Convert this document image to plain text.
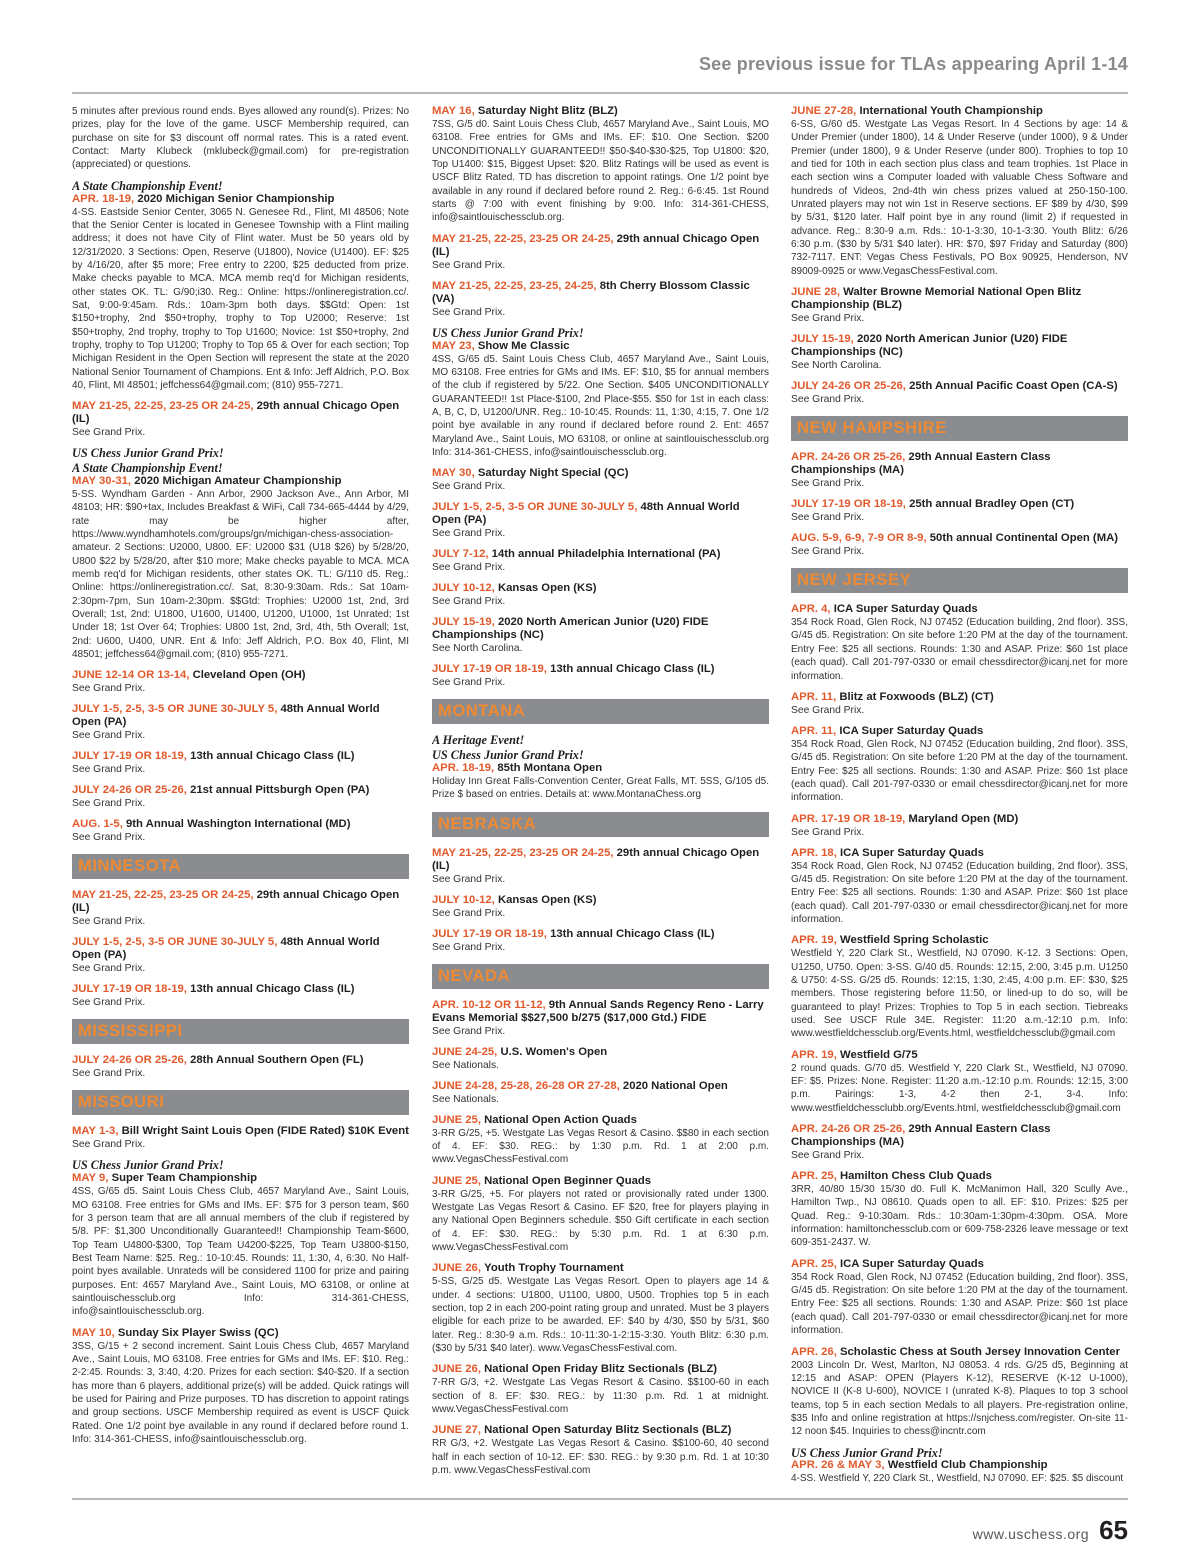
See previous issue for TLAs appearing April 1-14
5 minutes after previous round ends. Byes allowed any round(s). Prizes: No prizes, play for the love of the game. USCF Membership required, can purchase on site for $3 discount off normal rates. This is a rated event. Contact: Marty Klubeck (mklubeck@gmail.com) for pre-registration (appreciated) or questions.
A State Championship Event!
APR. 18-19, 2020 Michigan Senior Championship
4-SS. Eastside Senior Center, 3065 N. Genesee Rd., Flint, MI 48506; Note that the Senior Center is located in Genesee Township with a Flint mailing address; it does not have City of Flint water. Must be 50 years old by 12/31/2020. 3 Sections: Open, Reserve (U1800), Novice (U1400). EF: $25 by 4/16/20, after $5 more; Free entry to 2200, $25 deducted from prize. Make checks payable to MCA. MCA memb req'd for Michigan residents, other states OK. TL: G/90;i30. Reg.: Online: https://onlineregistration.cc/. Sat, 9:00-9:45am. Rds.: 10am-3pm both days. $$Gtd: Open: 1st $150+trophy, 2nd $50+trophy, trophy to Top U2000; Reserve: 1st $50+trophy, 2nd trophy, trophy to Top U1600; Novice: 1st $50+trophy, 2nd trophy, trophy to Top U1200; Trophy to Top 65 & Over for each section; Top Michigan Resident in the Open Section will represent the state at the 2020 National Senior Tournament of Champions. Ent & Info: Jeff Aldrich, P.O. Box 40, Flint, MI 48501; jeffchess64@gmail.com; (810) 955-7271.
MAY 21-25, 22-25, 23-25 OR 24-25, 29th annual Chicago Open (IL)
See Grand Prix.
US Chess Junior Grand Prix!
A State Championship Event!
MAY 30-31, 2020 Michigan Amateur Championship
5-SS. Wyndham Garden - Ann Arbor, 2900 Jackson Ave., Ann Arbor, MI 48103; HR: $90+tax, Includes Breakfast & WiFi, Call 734-665-4444 by 4/29, rate may be higher after, https://www.wyndhamhotels.com/groups/gn/michigan-chess-association-amateur. 2 Sections: U2000, U800. EF: U2000 $31 (U18 $26) by 5/28/20, U800 $22 by 5/28/20, after $10 more; Make checks payable to MCA. MCA memb req'd for Michigan residents, other states OK. TL: G/110 d5. Reg.: Online: https://onlineregistration.cc/. Sat, 8:30-9:30am. Rds.: Sat 10am-2:30pm-7pm, Sun 10am-2:30pm. $$Gtd: Trophies: U2000 1st, 2nd, 3rd Overall; 1st, 2nd: U1800, U1600, U1400, U1200, U1000, 1st Unrated; 1st Under 18; 1st Over 64; Trophies: U800 1st, 2nd, 3rd, 4th, 5th Overall; 1st, 2nd: U600, U400, UNR. Ent & Info: Jeff Aldrich, P.O. Box 40, Flint, MI 48501; jeffchess64@gmail.com; (810) 955-7271.
JUNE 12-14 OR 13-14, Cleveland Open (OH)
See Grand Prix.
JULY 1-5, 2-5, 3-5 OR JUNE 30-JULY 5, 48th Annual World Open (PA)
See Grand Prix.
JULY 17-19 OR 18-19, 13th annual Chicago Class (IL)
See Grand Prix.
JULY 24-26 OR 25-26, 21st annual Pittsburgh Open (PA)
See Grand Prix.
AUG. 1-5, 9th Annual Washington International (MD)
See Grand Prix.
MINNESOTA
MAY 21-25, 22-25, 23-25 OR 24-25, 29th annual Chicago Open (IL)
See Grand Prix.
JULY 1-5, 2-5, 3-5 OR JUNE 30-JULY 5, 48th Annual World Open (PA)
See Grand Prix.
JULY 17-19 OR 18-19, 13th annual Chicago Class (IL)
See Grand Prix.
MISSISSIPPI
JULY 24-26 OR 25-26, 28th Annual Southern Open (FL)
See Grand Prix.
MISSOURI
MAY 1-3, Bill Wright Saint Louis Open (FIDE Rated) $10K Event
See Grand Prix.
US Chess Junior Grand Prix!
MAY 9, Super Team Championship
4SS, G/65 d5. Saint Louis Chess Club, 4657 Maryland Ave., Saint Louis, MO 63108. Free entries for GMs and IMs. EF: $75 for 3 person team, $60 for 3 person team that are all annual members of the club if registered by 5/8. PF: $1,300 Unconditionally Guaranteed!! Championship Team-$600, Top Team U4800-$300, Top Team U4200-$225, Top Team U3800-$150, Best Team Name: $25. Reg.: 10-10:45. Rounds: 11, 1:30, 4, 6:30. No Half-point byes available. Unrateds will be considered 1100 for prize and pairing purposes. Ent: 4657 Maryland Ave., Saint Louis, MO 63108, or online at saintlouischessclub.org Info: 314-361-CHESS, info@saintlouischessclub.org.
MAY 10, Sunday Six Player Swiss (QC)
3SS, G/15 + 2 second increment. Saint Louis Chess Club, 4657 Maryland Ave., Saint Louis, MO 63108. Free entries for GMs and IMs. EF: $10. Reg.: 2-2:45. Rounds: 3, 3:40, 4:20. Prizes for each section: $40-$20. If a section has more than 6 players, additional prize(s) will be added. Quick ratings will be used for Pairing and Prize purposes. TD has discretion to appoint ratings and group sections. USCF Membership required as event is USCF Quick Rated. One 1/2 point bye available in any round if declared before round 1. Info: 314-361-CHESS, info@saintlouischessclub.org.
MAY 16, Saturday Night Blitz (BLZ)
7SS, G/5 d0. Saint Louis Chess Club, 4657 Maryland Ave., Saint Louis, MO 63108. Free entries for GMs and IMs. EF: $10. One Section. $200 UNCONDITIONALLY GUARANTEED!! $50-$40-$30-$25, Top U1800: $20, Top U1400: $15, Biggest Upset: $20. Blitz Ratings will be used as event is USCF Blitz Rated. TD has discretion to appoint ratings. One 1/2 point bye available in any round if declared before round 2. Reg.: 6-6:45. 1st Round starts @ 7:00 with event finishing by 9:00. Info: 314-361-CHESS, info@saintlouischessclub.org.
MAY 21-25, 22-25, 23-25 OR 24-25, 29th annual Chicago Open (IL)
See Grand Prix.
MAY 21-25, 22-25, 23-25, 24-25, 8th Cherry Blossom Classic (VA)
See Grand Prix.
US Chess Junior Grand Prix!
MAY 23, Show Me Classic
4SS, G/65 d5. Saint Louis Chess Club, 4657 Maryland Ave., Saint Louis, MO 63108. Free entries for GMs and IMs. EF: $10, $5 for annual members of the club if registered by 5/22. One Section. $405 UNCONDITIONALLY GUARANTEED!! 1st Place-$100, 2nd Place-$55. $50 for 1st in each class: A, B, C, D, U1200/UNR. Reg.: 10-10:45. Rounds: 11, 1:30, 4:15, 7. One 1/2 point bye available in any round if declared before round 2. Ent: 4657 Maryland Ave., Saint Louis, MO 63108, or online at saintlouischessclub.org Info: 314-361-CHESS, info@saintlouischessclub.org.
MAY 30, Saturday Night Special (QC)
See Grand Prix.
JULY 1-5, 2-5, 3-5 OR JUNE 30-JULY 5, 48th Annual World Open (PA)
See Grand Prix.
JULY 7-12, 14th annual Philadelphia International (PA)
See Grand Prix.
JULY 10-12, Kansas Open (KS)
See Grand Prix.
JULY 15-19, 2020 North American Junior (U20) FIDE Championships (NC)
See North Carolina.
JULY 17-19 OR 18-19, 13th annual Chicago Class (IL)
See Grand Prix.
MONTANA
A Heritage Event!
US Chess Junior Grand Prix!
APR. 18-19, 85th Montana Open
Holiday Inn Great Falls-Convention Center, Great Falls, MT. 5SS, G/105 d5. Prize $ based on entries. Details at: www.MontanaChess.org
NEBRASKA
MAY 21-25, 22-25, 23-25 OR 24-25, 29th annual Chicago Open (IL)
See Grand Prix.
JULY 10-12, Kansas Open (KS)
See Grand Prix.
JULY 17-19 OR 18-19, 13th annual Chicago Class (IL)
See Grand Prix.
NEVADA
APR. 10-12 OR 11-12, 9th Annual Sands Regency Reno - Larry Evans Memorial $$27,500 b/275 ($17,000 Gtd.) FIDE
See Grand Prix.
JUNE 24-25, U.S. Women's Open
See Nationals.
JUNE 24-28, 25-28, 26-28 OR 27-28, 2020 National Open
See Nationals.
JUNE 25, National Open Action Quads
3-RR G/25, +5. Westgate Las Vegas Resort & Casino. $$80 in each section of 4. EF: $30. REG.: by 1:30 p.m. Rd. 1 at 2:00 p.m. www.VegasChessFestival.com
JUNE 25, National Open Beginner Quads
3-RR G/25, +5. For players not rated or provisionally rated under 1300. Westgate Las Vegas Resort & Casino. EF $20, free for players playing in any National Open Beginners schedule. $50 Gift certificate in each section of 4. EF: $30. REG.: by 5:30 p.m. Rd. 1 at 6:30 p.m. www.VegasChessFestival.com
JUNE 26, Youth Trophy Tournament
5-SS, G/25 d5. Westgate Las Vegas Resort. Open to players age 14 & under. 4 sections: U1800, U1100, U800, U500. Trophies top 5 in each section, top 2 in each 200-point rating group and unrated. Must be 3 players eligible for each prize to be awarded. EF: $40 by 4/30, $50 by 5/31, $60 later. Reg.: 8:30-9 a.m. Rds.: 10-11:30-1-2:15-3:30. Youth Blitz: 6:30 p.m. ($30 by 5/31 $40 later). www.VegasChessFestival.com.
JUNE 26, National Open Friday Blitz Sectionals (BLZ)
7-RR G/3, +2. Westgate Las Vegas Resort & Casino. $$100-60 in each section of 8. EF: $30. REG.: by 11:30 p.m. Rd. 1 at midnight. www.VegasChessFestival.com
JUNE 27, National Open Saturday Blitz Sectionals (BLZ)
RR G/3, +2. Westgate Las Vegas Resort & Casino. $$100-60, 40 second half in each section of 10-12. EF: $30. REG.: by 9:30 p.m. Rd. 1 at 10:30 p.m. www.VegasChessFestival.com
JUNE 27-28, International Youth Championship
6-SS, G/60 d5. Westgate Las Vegas Resort. In 4 Sections by age: 14 & Under Premier (under 1800), 14 & Under Reserve (under 1000), 9 & Under Premier (under 1800), 9 & Under Reserve (under 800). Trophies to top 10 and tied for 10th in each section plus class and team trophies. 1st Place in each section wins a Computer loaded with valuable Chess Software and hundreds of Videos, 2nd-4th win chess prizes valued at 250-150-100. Unrated players may not win 1st in Reserve sections. EF $89 by 4/30, $99 by 5/31, $120 later. Half point bye in any round (limit 2) if requested in advance. Reg.: 8:30-9 a.m. Rds.: 10-1-3:30, 10-1-3:30. Youth Blitz: 6/26 6:30 p.m. ($30 by 5/31 $40 later). HR: $70, $97 Friday and Saturday (800) 732-7117. ENT: Vegas Chess Festivals, PO Box 90925, Henderson, NV 89009-0925 or www.VegasChessFestival.com.
JUNE 28, Walter Browne Memorial National Open Blitz Championship (BLZ)
See Grand Prix.
JULY 15-19, 2020 North American Junior (U20) FIDE Championships (NC)
See North Carolina.
JULY 24-26 OR 25-26, 25th Annual Pacific Coast Open (CA-S)
See Grand Prix.
NEW HAMPSHIRE
APR. 24-26 OR 25-26, 29th Annual Eastern Class Championships (MA)
See Grand Prix.
JULY 17-19 OR 18-19, 25th annual Bradley Open (CT)
See Grand Prix.
AUG. 5-9, 6-9, 7-9 OR 8-9, 50th annual Continental Open (MA)
See Grand Prix.
NEW JERSEY
APR. 4, ICA Super Saturday Quads
354 Rock Road, Glen Rock, NJ 07452 (Education building, 2nd floor). 3SS, G/45 d5. Registration: On site before 1:20 PM at the day of the tournament. Entry Fee: $25 all sections. Rounds: 1:30 and ASAP. Prize: $60 1st place (each quad). Call 201-797-0330 or email chessdirector@icanj.net for more information.
APR. 11, Blitz at Foxwoods (BLZ) (CT)
See Grand Prix.
APR. 11, ICA Super Saturday Quads
354 Rock Road, Glen Rock, NJ 07452 (Education building, 2nd floor). 3SS, G/45 d5. Registration: On site before 1:20 PM at the day of the tournament. Entry Fee: $25 all sections. Rounds: 1:30 and ASAP. Prize: $60 1st place (each quad). Call 201-797-0330 or email chessdirector@icanj.net for more information.
APR. 17-19 OR 18-19, Maryland Open (MD)
See Grand Prix.
APR. 18, ICA Super Saturday Quads
354 Rock Road, Glen Rock, NJ 07452 (Education building, 2nd floor). 3SS, G/45 d5. Registration: On site before 1:20 PM at the day of the tournament. Entry Fee: $25 all sections. Rounds: 1:30 and ASAP. Prize: $60 1st place (each quad). Call 201-797-0330 or email chessdirector@icanj.net for more information.
APR. 19, Westfield Spring Scholastic
Westfield Y, 220 Clark St., Westfield, NJ 07090. K-12. 3 Sections: Open, U1250, U750. Open: 3-SS. G/40 d5. Rounds: 12:15, 2:00, 3:45 p.m. U1250 & U750: 4-SS. G/25 d5. Rounds: 12:15, 1:30, 2:45, 4:00 p.m. EF: $30, $25 members. Those registering before 11:50, or lined-up to do so, will be guaranteed to play! Prizes: Trophies to Top 5 in each section. Tiebreaks used. See USCF Rule 34E. Register: 11:20 a.m.-12:10 p.m. Info: www.westfieldchessclub.org/Events.html, westfieldchessclub@gmail.com
APR. 19, Westfield G/75
2 round quads. G/70 d5. Westfield Y, 220 Clark St., Westfield, NJ 07090. EF: $5. Prizes: None. Register: 11:20 a.m.-12:10 p.m. Rounds: 12:15, 3:00 p.m. Pairings: 1-3, 4-2 then 2-1, 3-4. Info: www.westfieldchessclubb.org/Events.html, westfieldchessclub@gmail.com
APR. 24-26 OR 25-26, 29th Annual Eastern Class Championships (MA)
See Grand Prix.
APR. 25, Hamilton Chess Club Quads
3RR, 40/80 15/30 15/30 d0. Full K. McManimon Hall, 320 Scully Ave., Hamilton Twp., NJ 08610. Quads open to all. EF: $10. Prizes: $25 per Quad. Reg.: 9-10:30am. Rds.: 10:30am-1:30pm-4:30pm. OSA. More information: hamiltonchessclub.com or 609-758-2326 leave message or text 609-351-2437. W.
APR. 25, ICA Super Saturday Quads
354 Rock Road, Glen Rock, NJ 07452 (Education building, 2nd floor). 3SS, G/45 d5. Registration: On site before 1:20 PM at the day of the tournament. Entry Fee: $25 all sections. Rounds: 1:30 and ASAP. Prize: $60 1st place (each quad). Call 201-797-0330 or email chessdirector@icanj.net for more information.
APR. 26, Scholastic Chess at South Jersey Innovation Center
2003 Lincoln Dr. West, Marlton, NJ 08053. 4 rds. G/25 d5, Beginning at 12:15 and ASAP: OPEN (Players K-12), RESERVE (K-12 U-1000), NOVICE II (K-8 U-600), NOVICE I (unrated K-8). Plaques to top 3 school teams, top 5 in each section Medals to all players. Pre-registration online, $35 Info and online registration at https://snjchess.com/register. On-site 11-12 noon $45. Inquiries to chess@incntr.com
US Chess Junior Grand Prix!
APR. 26 & MAY 3, Westfield Club Championship
4-SS. Westfield Y, 220 Clark St., Westfield, NJ 07090. EF: $25. $5 discount
www.uschess.org 65
